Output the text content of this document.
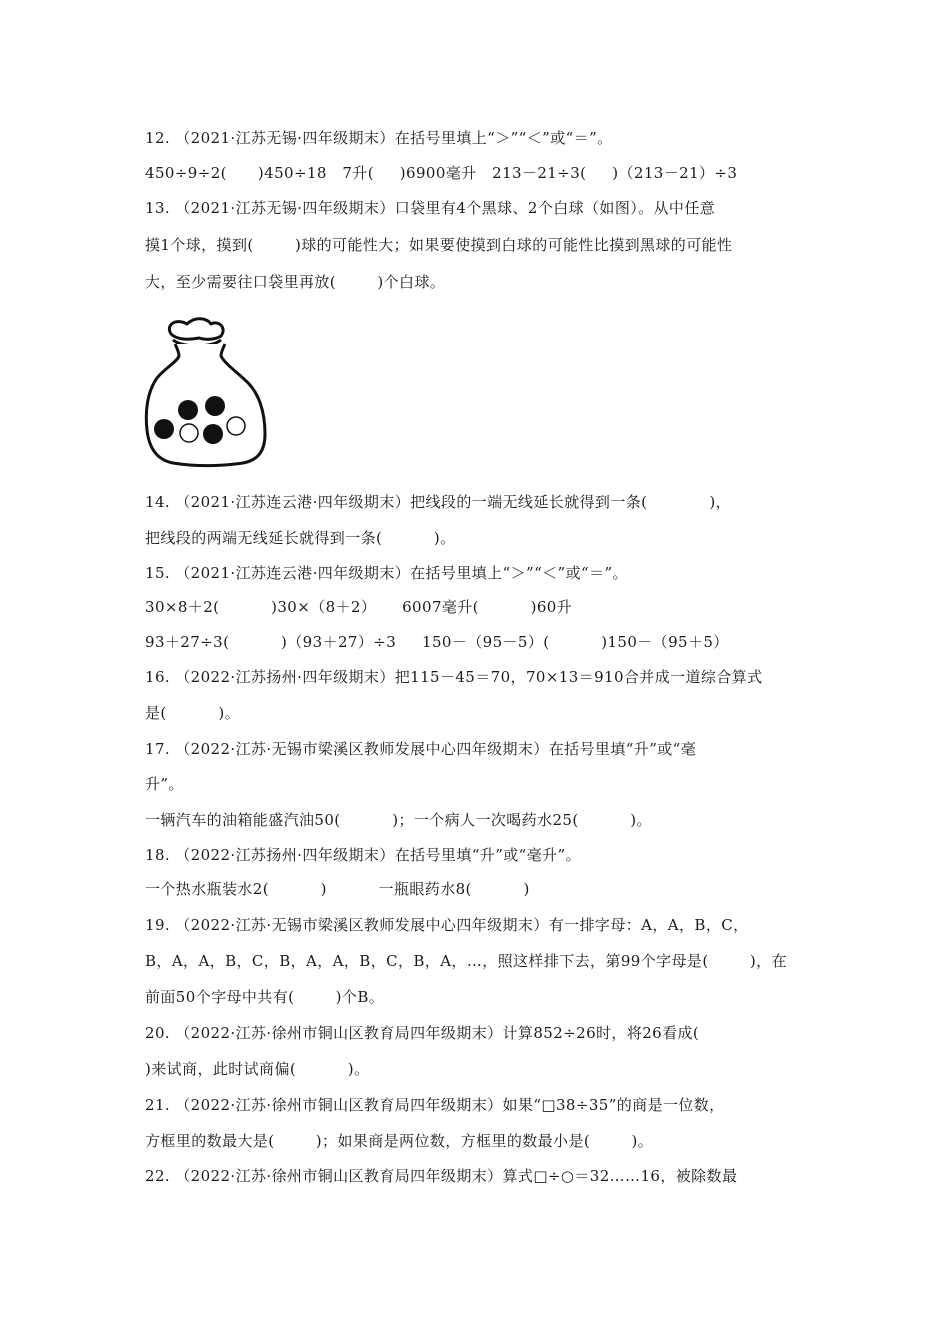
12. （2021·江苏无锡·四年级期末）在括号里填上“＞”“＜”或“＝”。
450÷9÷2(      )450÷18   7升(     )6900毫升   213－21÷3(     )（213－21）÷3
13. （2021·江苏无锡·四年级期末）口袋里有4个黑球、2个白球（如图）。从中任意
摸1个球，摸到(        )球的可能性大；如果要使摸到白球的可能性比摸到黑球的可能性
大，至少需要往口袋里再放(        )个白球。
14. （2021·江苏连云港·四年级期末）把线段的一端无线延长就得到一条(            )，
把线段的两端无线延长就得到一条(          )。
15. （2021·江苏连云港·四年级期末）在括号里填上“＞”“＜”或“＝”。
30×8＋2(          )30×（8＋2）     6007毫升(          )60升
93＋27÷3(          )（93＋27）÷3     150－（95－5）(          )150－（95＋5）
16. （2022·江苏扬州·四年级期末）把115－45＝70，70×13＝910合并成一道综合算式
是(          )。
17. （2022·江苏·无锡市梁溪区教师发展中心四年级期末）在括号里填“升”或“毫
升”。
一辆汽车的油箱能盛汽油50(          )；一个病人一次喝药水25(          )。
18. （2022·江苏扬州·四年级期末）在括号里填“升”或“毫升”。
一个热水瓶装水2(          )          一瓶眼药水8(          )
19. （2022·江苏·无锡市梁溪区教师发展中心四年级期末）有一排字母：A，A，B，C，
B，A，A，B，C，B，A，A，B，C，B，A，…，照这样排下去，第99个字母是(        )，在
前面50个字母中共有(        )个B。
20. （2022·江苏·徐州市铜山区教育局四年级期末）计算852÷26时，将26看成(
)来试商，此时试商偏(          )。
21. （2022·江苏·徐州市铜山区教育局四年级期末）如果“□38÷35”的商是一位数，
方框里的数最大是(        )；如果商是两位数，方框里的数最小是(        )。
22. （2022·江苏·徐州市铜山区教育局四年级期末）算式□÷○＝32……16，被除数最
